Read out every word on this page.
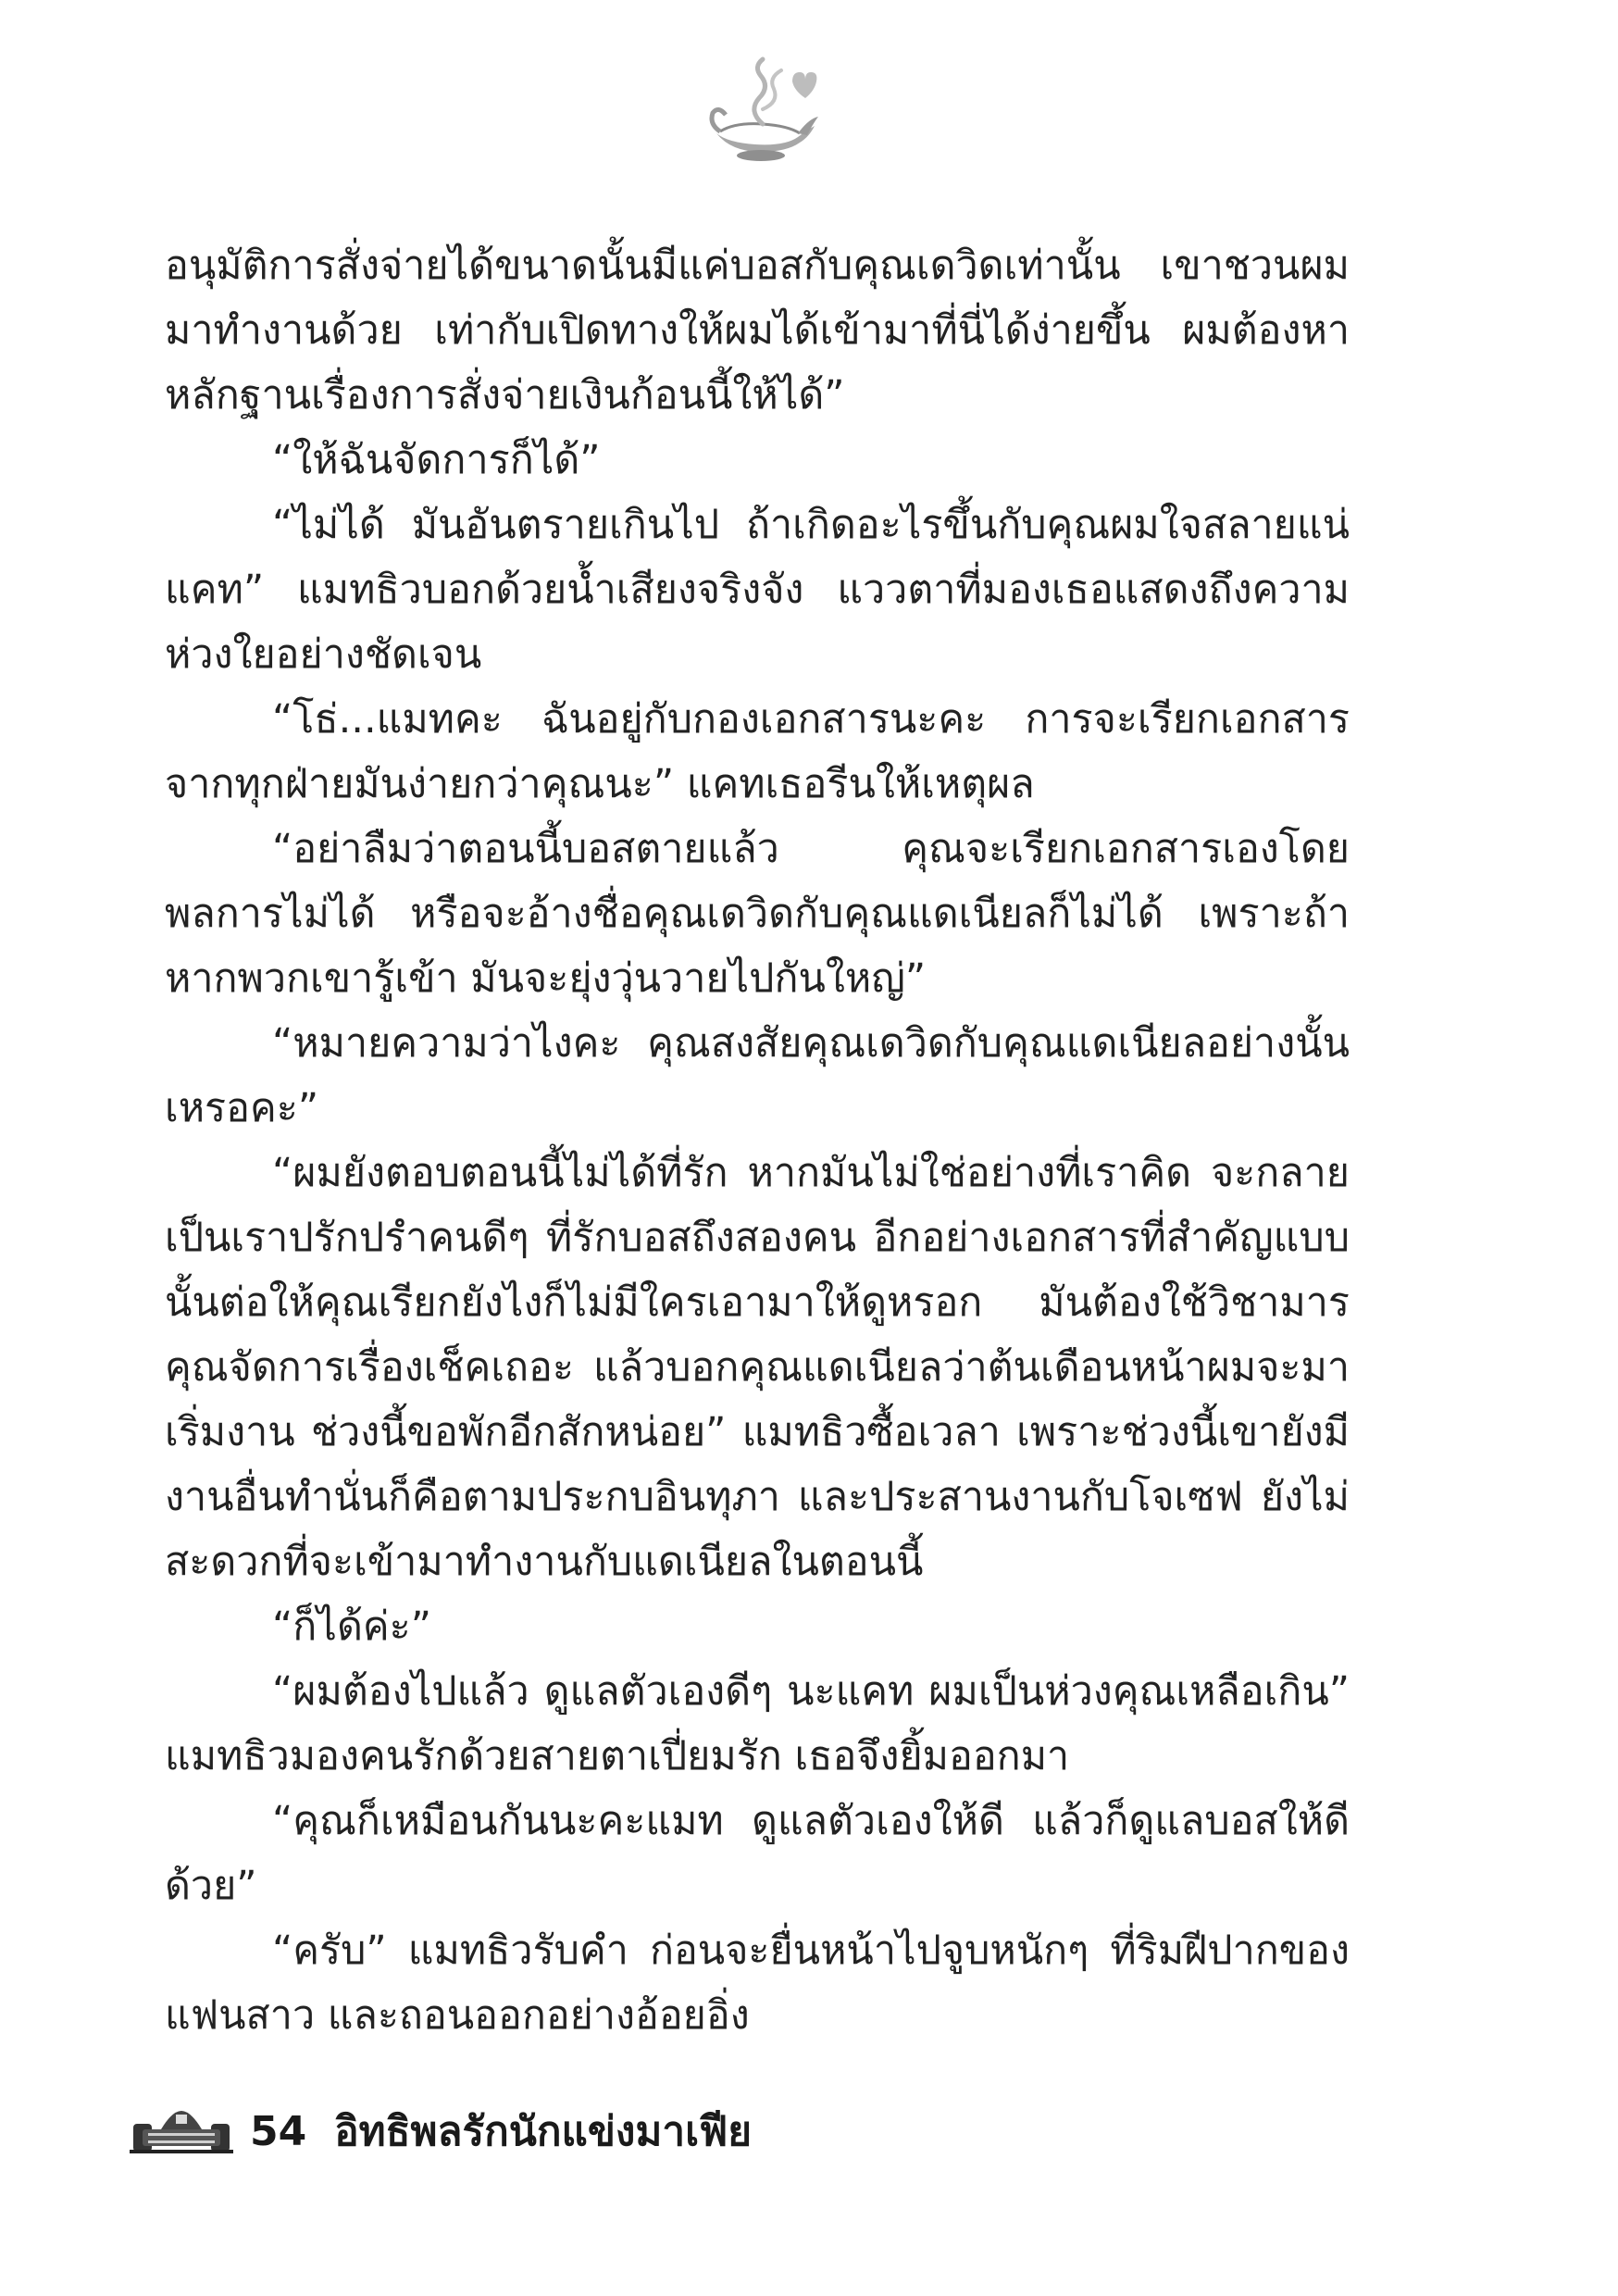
อนุมัติการสั่งจ่ายได้ขนาดนั้นมีแค่บอสกับคุณเดวิดเท่านั้น เขาชวนผมมาทำงานด้วย เท่ากับเปิดทางให้ผมได้เข้ามาที่นี่ได้ง่ายขึ้น ผมต้องหาหลักฐานเรื่องการสั่งจ่ายเงินก้อนนี้ให้ได้”

“ให้ฉันจัดการก็ได้”

“ไม่ได้ มันอันตรายเกินไป ถ้าเกิดอะไรขึ้นกับคุณผมใจสลายแน่แคท” แมทธิวบอกด้วยน้ำเสียงจริงจัง แววตาที่มองเธอแสดงถึงความห่วงใยอย่างชัดเจน

“โธ่...แมทคะ ฉันอยู่กับกองเอกสารนะคะ การจะเรียกเอกสารจากทุกฝ่ายมันง่ายกว่าคุณนะ” แคทเธอรีนให้เหตุผล

“อย่าลืมว่าตอนนี้บอสตายแล้ว คุณจะเรียกเอกสารเองโดยพลการไม่ได้ หรือจะอ้างชื่อคุณเดวิดกับคุณแดเนียลก็ไม่ได้ เพราะถ้าหากพวกเขารู้เข้า มันจะยุ่งวุ่นวายไปกันใหญ่”

“หมายความว่าไงคะ คุณสงสัยคุณเดวิดกับคุณแดเนียลอย่างนั้นเหรอคะ”

“ผมยังตอบตอนนี้ไม่ได้ที่รัก หากมันไม่ใช่อย่างที่เราคิด จะกลายเป็นเราปรักปรำคนดีๆ ที่รักบอสถึงสองคน อีกอย่างเอกสารที่สำคัญแบบนั้นต่อให้คุณเรียกยังไงก็ไม่มีใครเอามาให้ดูหรอก มันต้องใช้วิชามาร คุณจัดการเรื่องเช็คเถอะ แล้วบอกคุณแดเนียลว่าต้นเดือนหน้าผมจะมาเริ่มงาน ช่วงนี้ขอพักอีกสักหน่อย” แมทธิวซื้อเวลา เพราะช่วงนี้เขายังมีงานอื่นทำนั่นก็คือตามประกบอินทุภา และประสานงานกับโจเซฟ ยังไม่สะดวกที่จะเข้ามาทำงานกับแดเนียลในตอนนี้

“ก็ได้ค่ะ”

“ผมต้องไปแล้ว ดูแลตัวเองดีๆ นะแคท ผมเป็นห่วงคุณเหลือเกิน” แมทธิวมองคนรักด้วยสายตาเปี่ยมรัก เธอจึงยิ้มออกมา

“คุณก็เหมือนกันนะคะแมท ดูแลตัวเองให้ดี แล้วก็ดูแลบอสให้ดีด้วย”

“ครับ” แมทธิวรับคำ ก่อนจะยื่นหน้าไปจูบหนักๆ ที่ริมฝีปากของแฟนสาว และถอนออกอย่างอ้อยอิ่ง

54 อิทธิพลรักนักแข่งมาเฟีย
